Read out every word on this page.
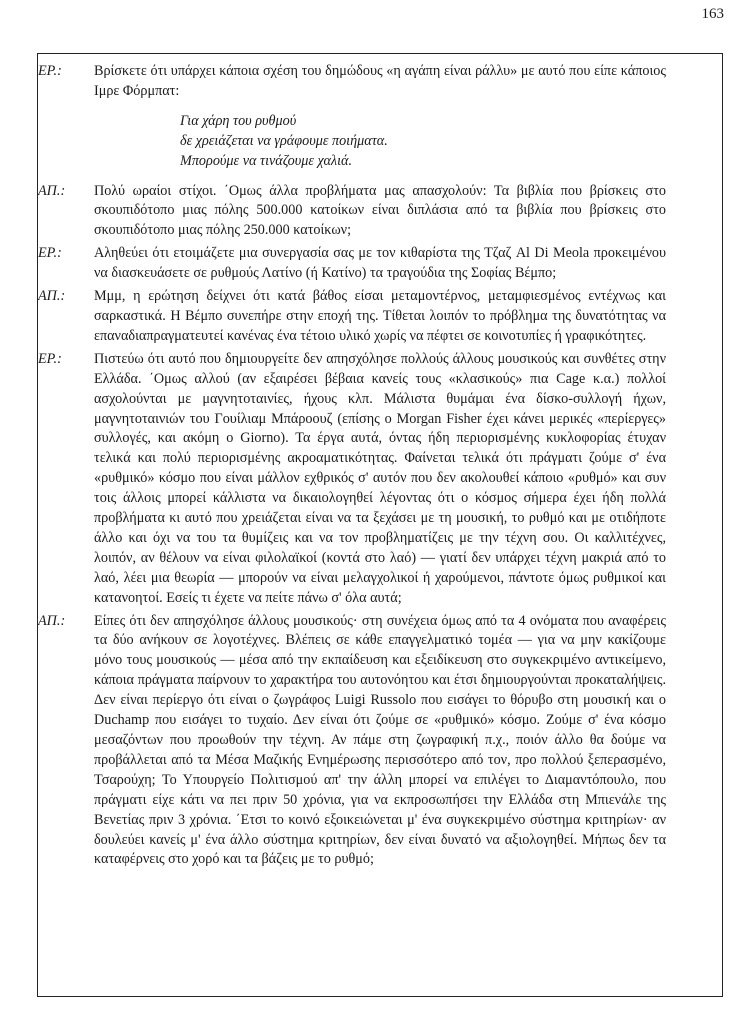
163
ΕΡ.: Βρίσκετε ότι υπάρχει κάποια σχέση του δημώδους «η αγάπη είναι ράλλυ» με αυτό που είπε κάποιος Ιμρε Φόρμπατ:
Για χάρη του ρυθμού
δε χρειάζεται να γράφουμε ποιήματα.
Μπορούμε να τινάζουμε χαλιά.
ΑΠ.: Πολύ ωραίοι στίχοι. ΄Ομως άλλα προβλήματα μας απασχολούν: Τα βιβλία που βρίσκεις στο σκουπιδότοπο μιας πόλης 500.000 κατοίκων είναι διπλάσια από τα βιβλία που βρίσκεις στο σκουπιδότοπο μιας πόλης 250.000 κατοίκων;
ΕΡ.: Αληθεύει ότι ετοιμάζετε μια συνεργασία σας με τον κιθαρίστα της Τζαζ Al Di Meola προκειμένου να διασκευάσετε σε ρυθμούς Λατίνο (ή Κατίνο) τα τραγούδια της Σοφίας Βέμπο;
ΑΠ.: Μμμ, η ερώτηση δείχνει ότι κατά βάθος είσαι μεταμοντέρνος, μεταμφιεσμένος εντέχνως και σαρκαστικά. Η Βέμπο συνεπήρε στην εποχή της. Τίθεται λοιπόν το πρόβλημα της δυνατότητας να επαναδιαπραγματευτεί κανένας ένα τέτοιο υλικό χωρίς να πέφτει σε κοινοτυπίες ή γραφικότητες.
ΕΡ.: Πιστεύω ότι αυτό που δημιουργείτε δεν απησχόλησε πολλούς άλλους μουσικούς και συνθέτες στην Ελλάδα. ΄Ομως αλλού (αν εξαιρέσει βέβαια κανείς τους «κλασικούς» πια Cage κ.α.) πολλοί ασχολούνται με μαγνητοταινίες, ήχους κλπ. Μάλιστα θυμάμαι ένα δίσκο-συλλογή ήχων, μαγνητοταινιών του Γουίλιαμ Μπάροουζ (επίσης ο Morgan Fisher έχει κάνει μερικές «περίεργες» συλλογές, και ακόμη ο Giorno). Τα έργα αυτά, όντας ήδη περιορισμένης κυκλοφορίας έτυχαν τελικά και πολύ περιορισμένης ακροαματικότητας. Φαίνεται τελικά ότι πράγματι ζούμε σ' ένα «ρυθμικό» κόσμο που είναι μάλλον εχθρικός σ' αυτόν που δεν ακολουθεί κάποιο «ρυθμό» και συν τοις άλλοις μπορεί κάλλιστα να δικαιολογηθεί λέγοντας ότι ο κόσμος σήμερα έχει ήδη πολλά προβλήματα κι αυτό που χρειάζεται είναι να τα ξεχάσει με τη μουσική, το ρυθμό και με οτιδήποτε άλλο και όχι να του τα θυμίζεις και να τον προβληματίζεις με την τέχνη σου. Οι καλλιτέχνες, λοιπόν, αν θέλουν να είναι φιλολαϊκοί (κοντά στο λαό) — γιατί δεν υπάρχει τέχνη μακριά από το λαό, λέει μια θεωρία — μπορούν να είναι μελαγχολικοί ή χαρούμενοι, πάντοτε όμως ρυθμικοί και κατανοητοί. Εσείς τι έχετε να πείτε πάνω σ' όλα αυτά;
ΑΠ.: Είπες ότι δεν απησχόλησε άλλους μουσικούς· στη συνέχεια όμως από τα 4 ονόματα που αναφέρεις τα δύο ανήκουν σε λογοτέχνες. Βλέπεις σε κάθε επαγγελματικό τομέα — για να μην κακίζουμε μόνο τους μουσικούς — μέσα από την εκπαίδευση και εξειδίκευση στο συγκεκριμένο αντικείμενο, κάποια πράγματα παίρνουν το χαρακτήρα του αυτονόητου και έτσι δημιουργούνται προκαταλήψεις. Δεν είναι περίεργο ότι είναι ο ζωγράφος Luigi Russolo που εισάγει το θόρυβο στη μουσική και ο Duchamp που εισάγει το τυχαίο. Δεν είναι ότι ζούμε σε «ρυθμικό» κόσμο. Ζούμε σ' ένα κόσμο μεσαζόντων που προωθούν την τέχνη. Αν πάμε στη ζωγραφική π.χ., ποιόν άλλο θα δούμε να προβάλλεται από τα Μέσα Μαζικής Ενημέρωσης περισσότερο από τον, προ πολλού ξεπερασμένο, Τσαρούχη; Το Υπουργείο Πολιτισμού απ' την άλλη μπορεί να επιλέγει το Διαμαντόπουλο, που πράγματι είχε κάτι να πει πριν 50 χρόνια, για να εκπροσωπήσει την Ελλάδα στη Μπιενάλε της Βενετίας πριν 3 χρόνια. ΄Ετσι το κοινό εξοικειώνεται μ' ένα συγκεκριμένο σύστημα κριτηρίων· αν δουλεύει κανείς μ' ένα άλλο σύστημα κριτηρίων, δεν είναι δυνατό να αξιολογηθεί. Μήπως δεν τα καταφέρνεις στο χορό και τα βάζεις με το ρυθμό;
